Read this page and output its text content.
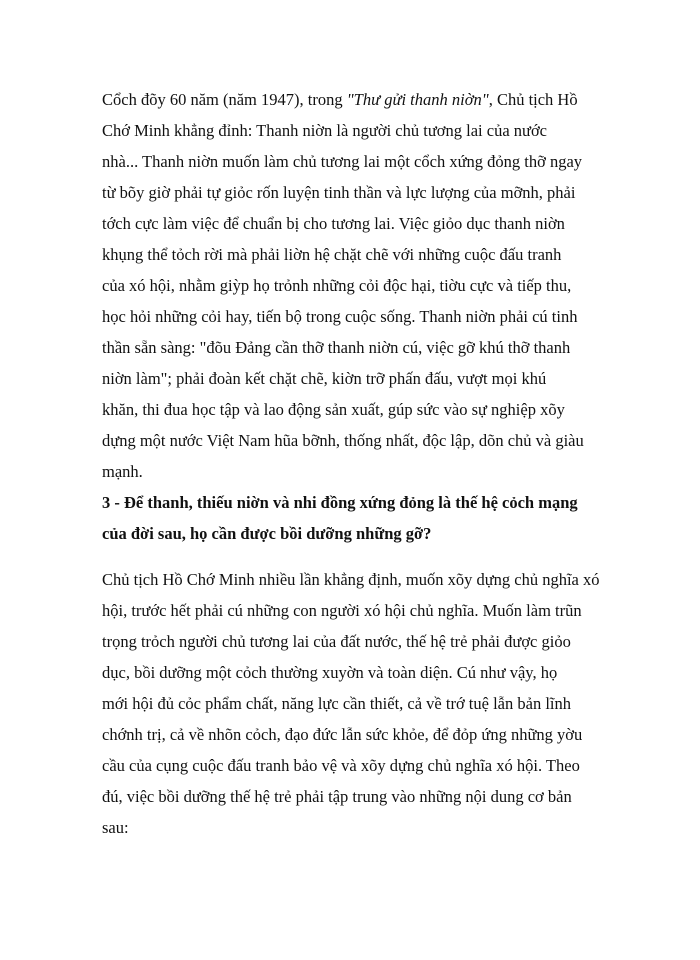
Cổch đõy 60 năm (năm 1947), trong "Thư gửi thanh niờn", Chủ tịch Hồ
Chớ Minh khẳng đỉnh: Thanh niờn là người chủ tương lai của nước
nhà... Thanh niờn muốn làm chủ tương lai một cổch xứng đỏng thỡ ngay
từ bõy giờ phải tự giỏc rốn luyện tinh thần và lực lượng của mỡnh, phải
tớch cực làm việc để chuẩn bị cho tương lai. Việc giỏo dục thanh niờn
khụng thể tỏch rời mà phải liờn hệ chặt chẽ với những cuộc đấu tranh
của xó hội, nhằm giỳp họ trỏnh những cỏi độc hại, tiờu cực và tiếp thu,
học hỏi những cỏi hay, tiến bộ trong cuộc sống. Thanh niờn phải cú tinh
thần sẵn sàng: "đõu Đảng cần thỡ thanh niờn cú, việc gỡ khú thỡ thanh
niờn làm"; phải đoàn kết chặt chẽ, kiờn trỡ phấn đấu, vượt mọi khú
khăn, thi đua học tập và lao động sản xuất, gúp sức vào sự nghiệp xõy
dựng một nước Việt Nam hũa bỡnh, thống nhất, độc lập, dõn chủ và giàu
mạnh.
3 - Để thanh, thiếu niờn và nhi đồng xứng đỏng là thế hệ cỏch mạng
của đời sau, họ cần được bồi dưỡng những gỡ?
Chủ tịch Hồ Chớ Minh nhiều lần khẳng định, muốn xõy dựng chủ nghĩa xó
hội, trước hết phải cú những con người xó hội chủ nghĩa. Muốn làm trũn
trọng trỏch người chủ tương lai của đất nước, thế hệ trẻ phải được giỏo
dục, bồi dưỡng một cỏch thường xuyờn và toàn diện. Cú như vậy, họ
mới hội đủ cỏc phẩm chất, năng lực cần thiết, cả về trớ tuệ lẫn bản lĩnh
chớnh trị, cả về nhõn cỏch, đạo đức lẫn sức khỏe, để đỏp ứng những yờu
cầu của cụng cuộc đấu tranh bảo vệ và xõy dựng chủ nghĩa xó hội. Theo
đú, việc bồi dưỡng thế hệ trẻ phải tập trung vào những nội dung cơ bản
sau:
